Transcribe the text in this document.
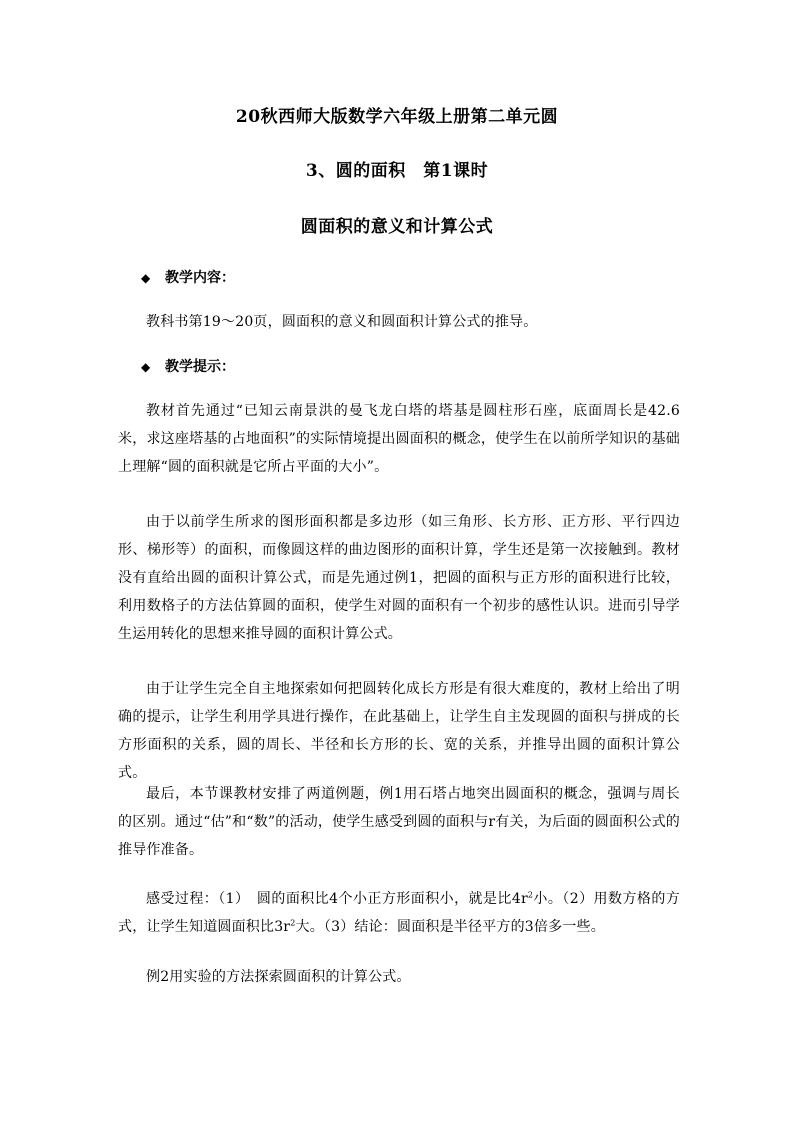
20秋西师大版数学六年级上册第二单元圆
3、圆的面积　第1课时
圆面积的意义和计算公式
◆ 教学内容：
教科书第19～20页，圆面积的意义和圆面积计算公式的推导。
◆ 教学提示：
教材首先通过“已知云南景洪的曼飞龙白塔的塔基是圆柱形石座，底面周长是42.6米，求这座塔基的占地面积”的实际情境提出圆面积的概念，使学生在以前所学知识的基础上理解“圆的面积就是它所占平面的大小”。
由于以前学生所求的图形面积都是多边形（如三角形、长方形、正方形、平行四边形、梯形等）的面积，而像圆这样的曲边图形的面积计算，学生还是第一次接触到。教材没有直给出圆的面积计算公式，而是先通过例1，把圆的面积与正方形的面积进行比较，利用数格子的方法估算圆的面积，使学生对圆的面积有一个初步的感性认识。进而引导学生运用转化的思想来推导圆的面积计算公式。
由于让学生完全自主地探索如何把圆转化成长方形是有很大难度的，教材上给出了明确的提示，让学生利用学具进行操作，在此基础上，让学生自主发现圆的面积与拼成的长方形面积的关系，圆的周长、半径和长方形的长、宽的关系，并推导出圆的面积计算公式。
最后，本节课教材安排了两道例题，例1用石塔占地突出圆面积的概念，强调与周长的区别。通过“估”和“数”的活动，使学生感受到圆的面积与r有关，为后面的圆面积公式的推导作准备。
感受过程：（1）　圆的面积比4个小正方形面积小，就是比$4r^2$小。（2）用数方格的方式，让学生知道圆面积比$3r^2$大。（3）结论：圆面积是半径平方的3倍多一些。
例2用实验的方法探索圆面积的计算公式。
